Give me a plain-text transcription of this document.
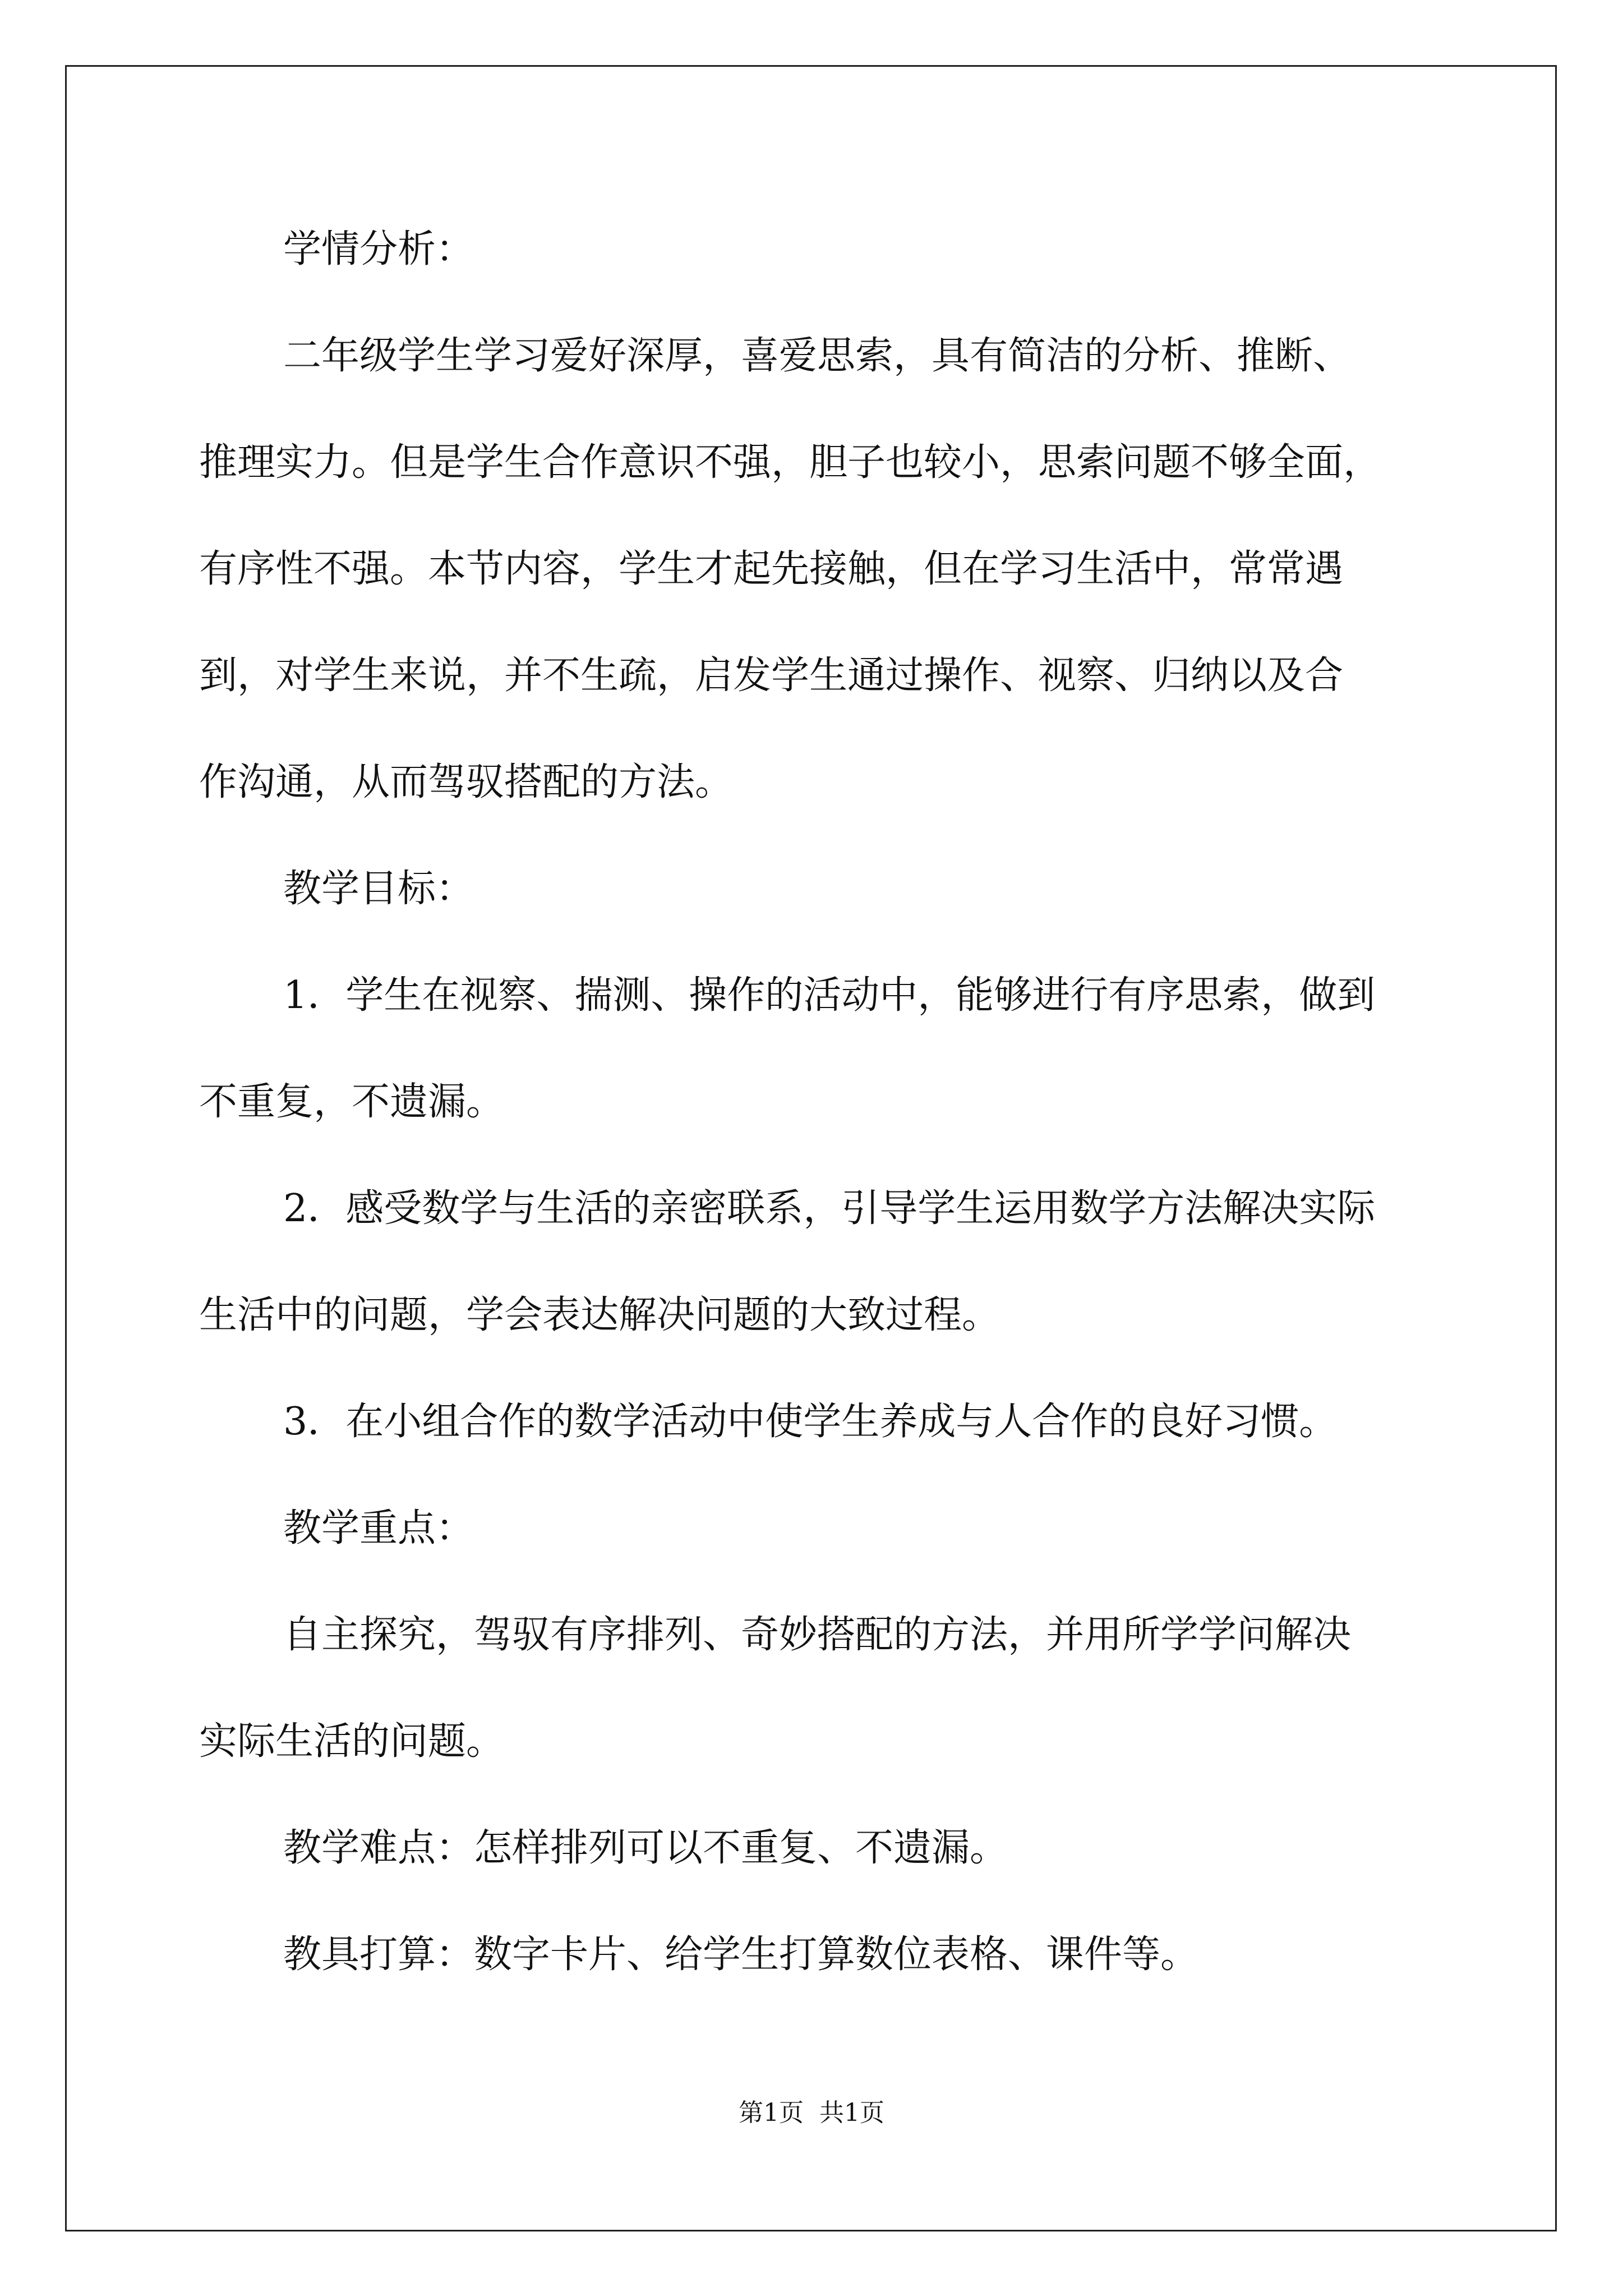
学情分析：
二年级学生学习爱好深厚，喜爱思索，具有简洁的分析、推断、
推理实力。但是学生合作意识不强，胆子也较小，思索问题不够全面，
有序性不强。本节内容，学生才起先接触，但在学习生活中，常常遇
到，对学生来说，并不生疏，启发学生通过操作、视察、归纳以及合
作沟通，从而驾驭搭配的方法。
教学目标：
1．学生在视察、揣测、操作的活动中，能够进行有序思索，做到
不重复，不遗漏。
2．感受数学与生活的亲密联系，引导学生运用数学方法解决实际
生活中的问题，学会表达解决问题的大致过程。
3．在小组合作的数学活动中使学生养成与人合作的良好习惯。
教学重点：
自主探究，驾驭有序排列、奇妙搭配的方法，并用所学学问解决
实际生活的问题。
教学难点：怎样排列可以不重复、不遗漏。
教具打算：数字卡片、给学生打算数位表格、课件等。
第1页 共1页
